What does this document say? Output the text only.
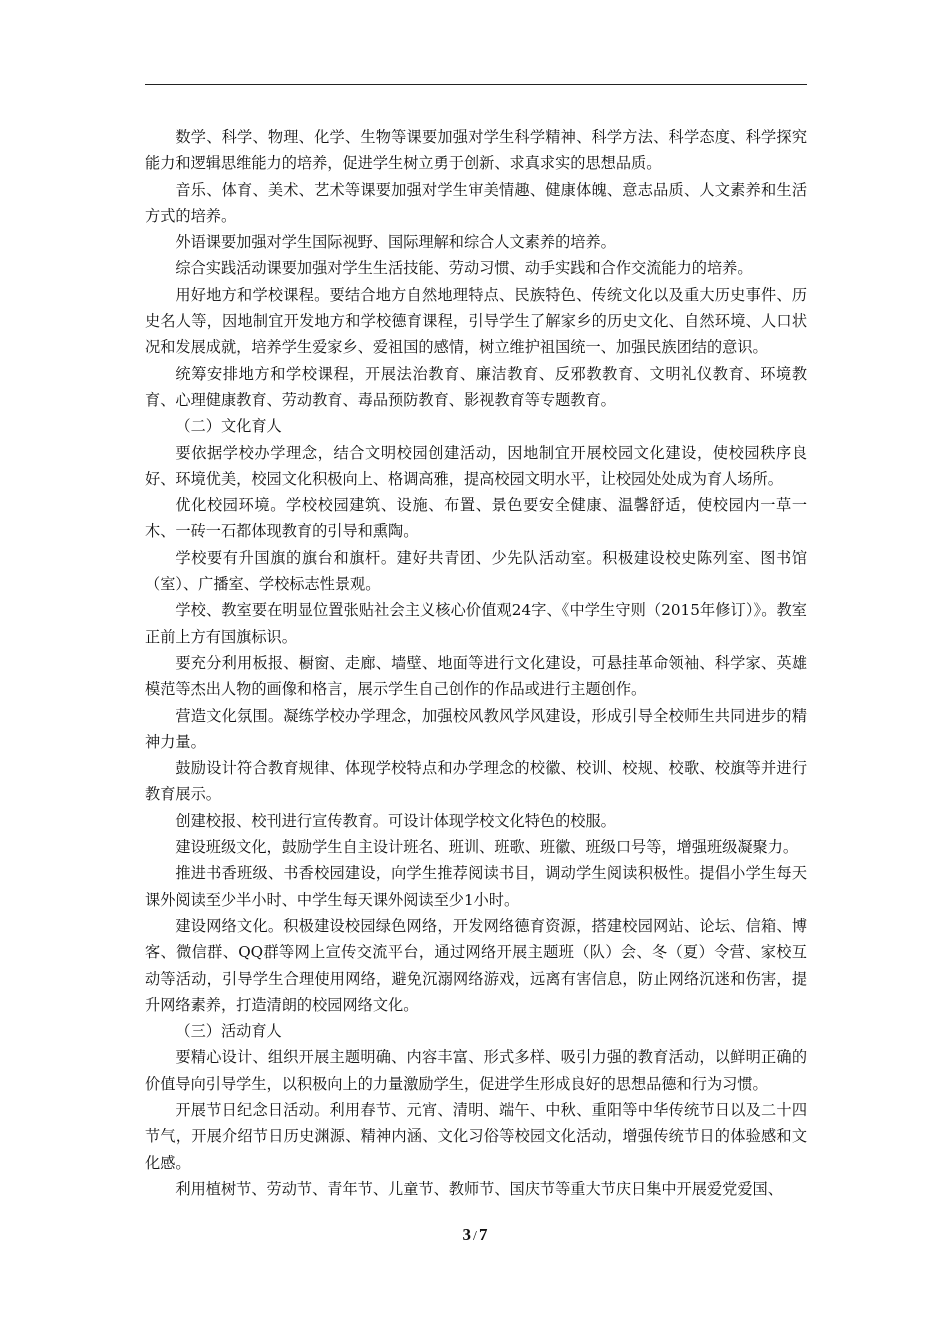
数学、科学、物理、化学、生物等课要加强对学生科学精神、科学方法、科学态度、科学探究能力和逻辑思维能力的培养，促进学生树立勇于创新、求真求实的思想品质。

音乐、体育、美术、艺术等课要加强对学生审美情趣、健康体魄、意志品质、人文素养和生活方式的培养。

外语课要加强对学生国际视野、国际理解和综合人文素养的培养。

综合实践活动课要加强对学生生活技能、劳动习惯、动手实践和合作交流能力的培养。

用好地方和学校课程。要结合地方自然地理特点、民族特色、传统文化以及重大历史事件、历史名人等，因地制宜开发地方和学校德育课程，引导学生了解家乡的历史文化、自然环境、人口状况和发展成就，培养学生爱家乡、爱祖国的感情，树立维护祖国统一、加强民族团结的意识。

统筹安排地方和学校课程，开展法治教育、廉洁教育、反邪教教育、文明礼仪教育、环境教育、心理健康教育、劳动教育、毒品预防教育、影视教育等专题教育。

（二）文化育人

要依据学校办学理念，结合文明校园创建活动，因地制宜开展校园文化建设，使校园秩序良好、环境优美，校园文化积极向上、格调高雅，提高校园文明水平，让校园处处成为育人场所。

优化校园环境。学校校园建筑、设施、布置、景色要安全健康、温馨舒适，使校园内一草一木、一砖一石都体现教育的引导和熏陶。

学校要有升国旗的旗台和旗杆。建好共青团、少先队活动室。积极建设校史陈列室、图书馆（室）、广播室、学校标志性景观。

学校、教室要在明显位置张贴社会主义核心价值观24字、《中学生守则（2015年修订）》。教室正前上方有国旗标识。

要充分利用板报、橱窗、走廊、墙壁、地面等进行文化建设，可悬挂革命领袖、科学家、英雄模范等杰出人物的画像和格言，展示学生自己创作的作品或进行主题创作。

营造文化氛围。凝练学校办学理念，加强校风教风学风建设，形成引导全校师生共同进步的精神力量。

鼓励设计符合教育规律、体现学校特点和办学理念的校徽、校训、校规、校歌、校旗等并进行教育展示。

创建校报、校刊进行宣传教育。可设计体现学校文化特色的校服。

建设班级文化，鼓励学生自主设计班名、班训、班歌、班徽、班级口号等，增强班级凝聚力。

推进书香班级、书香校园建设，向学生推荐阅读书目，调动学生阅读积极性。提倡小学生每天课外阅读至少半小时、中学生每天课外阅读至少1小时。

建设网络文化。积极建设校园绿色网络，开发网络德育资源，搭建校园网站、论坛、信箱、博客、微信群、QQ群等网上宣传交流平台，通过网络开展主题班（队）会、冬（夏）令营、家校互动等活动，引导学生合理使用网络，避免沉溺网络游戏，远离有害信息，防止网络沉迷和伤害，提升网络素养，打造清朗的校园网络文化。

（三）活动育人

要精心设计、组织开展主题明确、内容丰富、形式多样、吸引力强的教育活动，以鲜明正确的价值导向引导学生，以积极向上的力量激励学生，促进学生形成良好的思想品德和行为习惯。

开展节日纪念日活动。利用春节、元宵、清明、端午、中秋、重阳等中华传统节日以及二十四节气，开展介绍节日历史渊源、精神内涵、文化习俗等校园文化活动，增强传统节日的体验感和文化感。

利用植树节、劳动节、青年节、儿童节、教师节、国庆节等重大节庆日集中开展爱党爱国、

3 / 7
